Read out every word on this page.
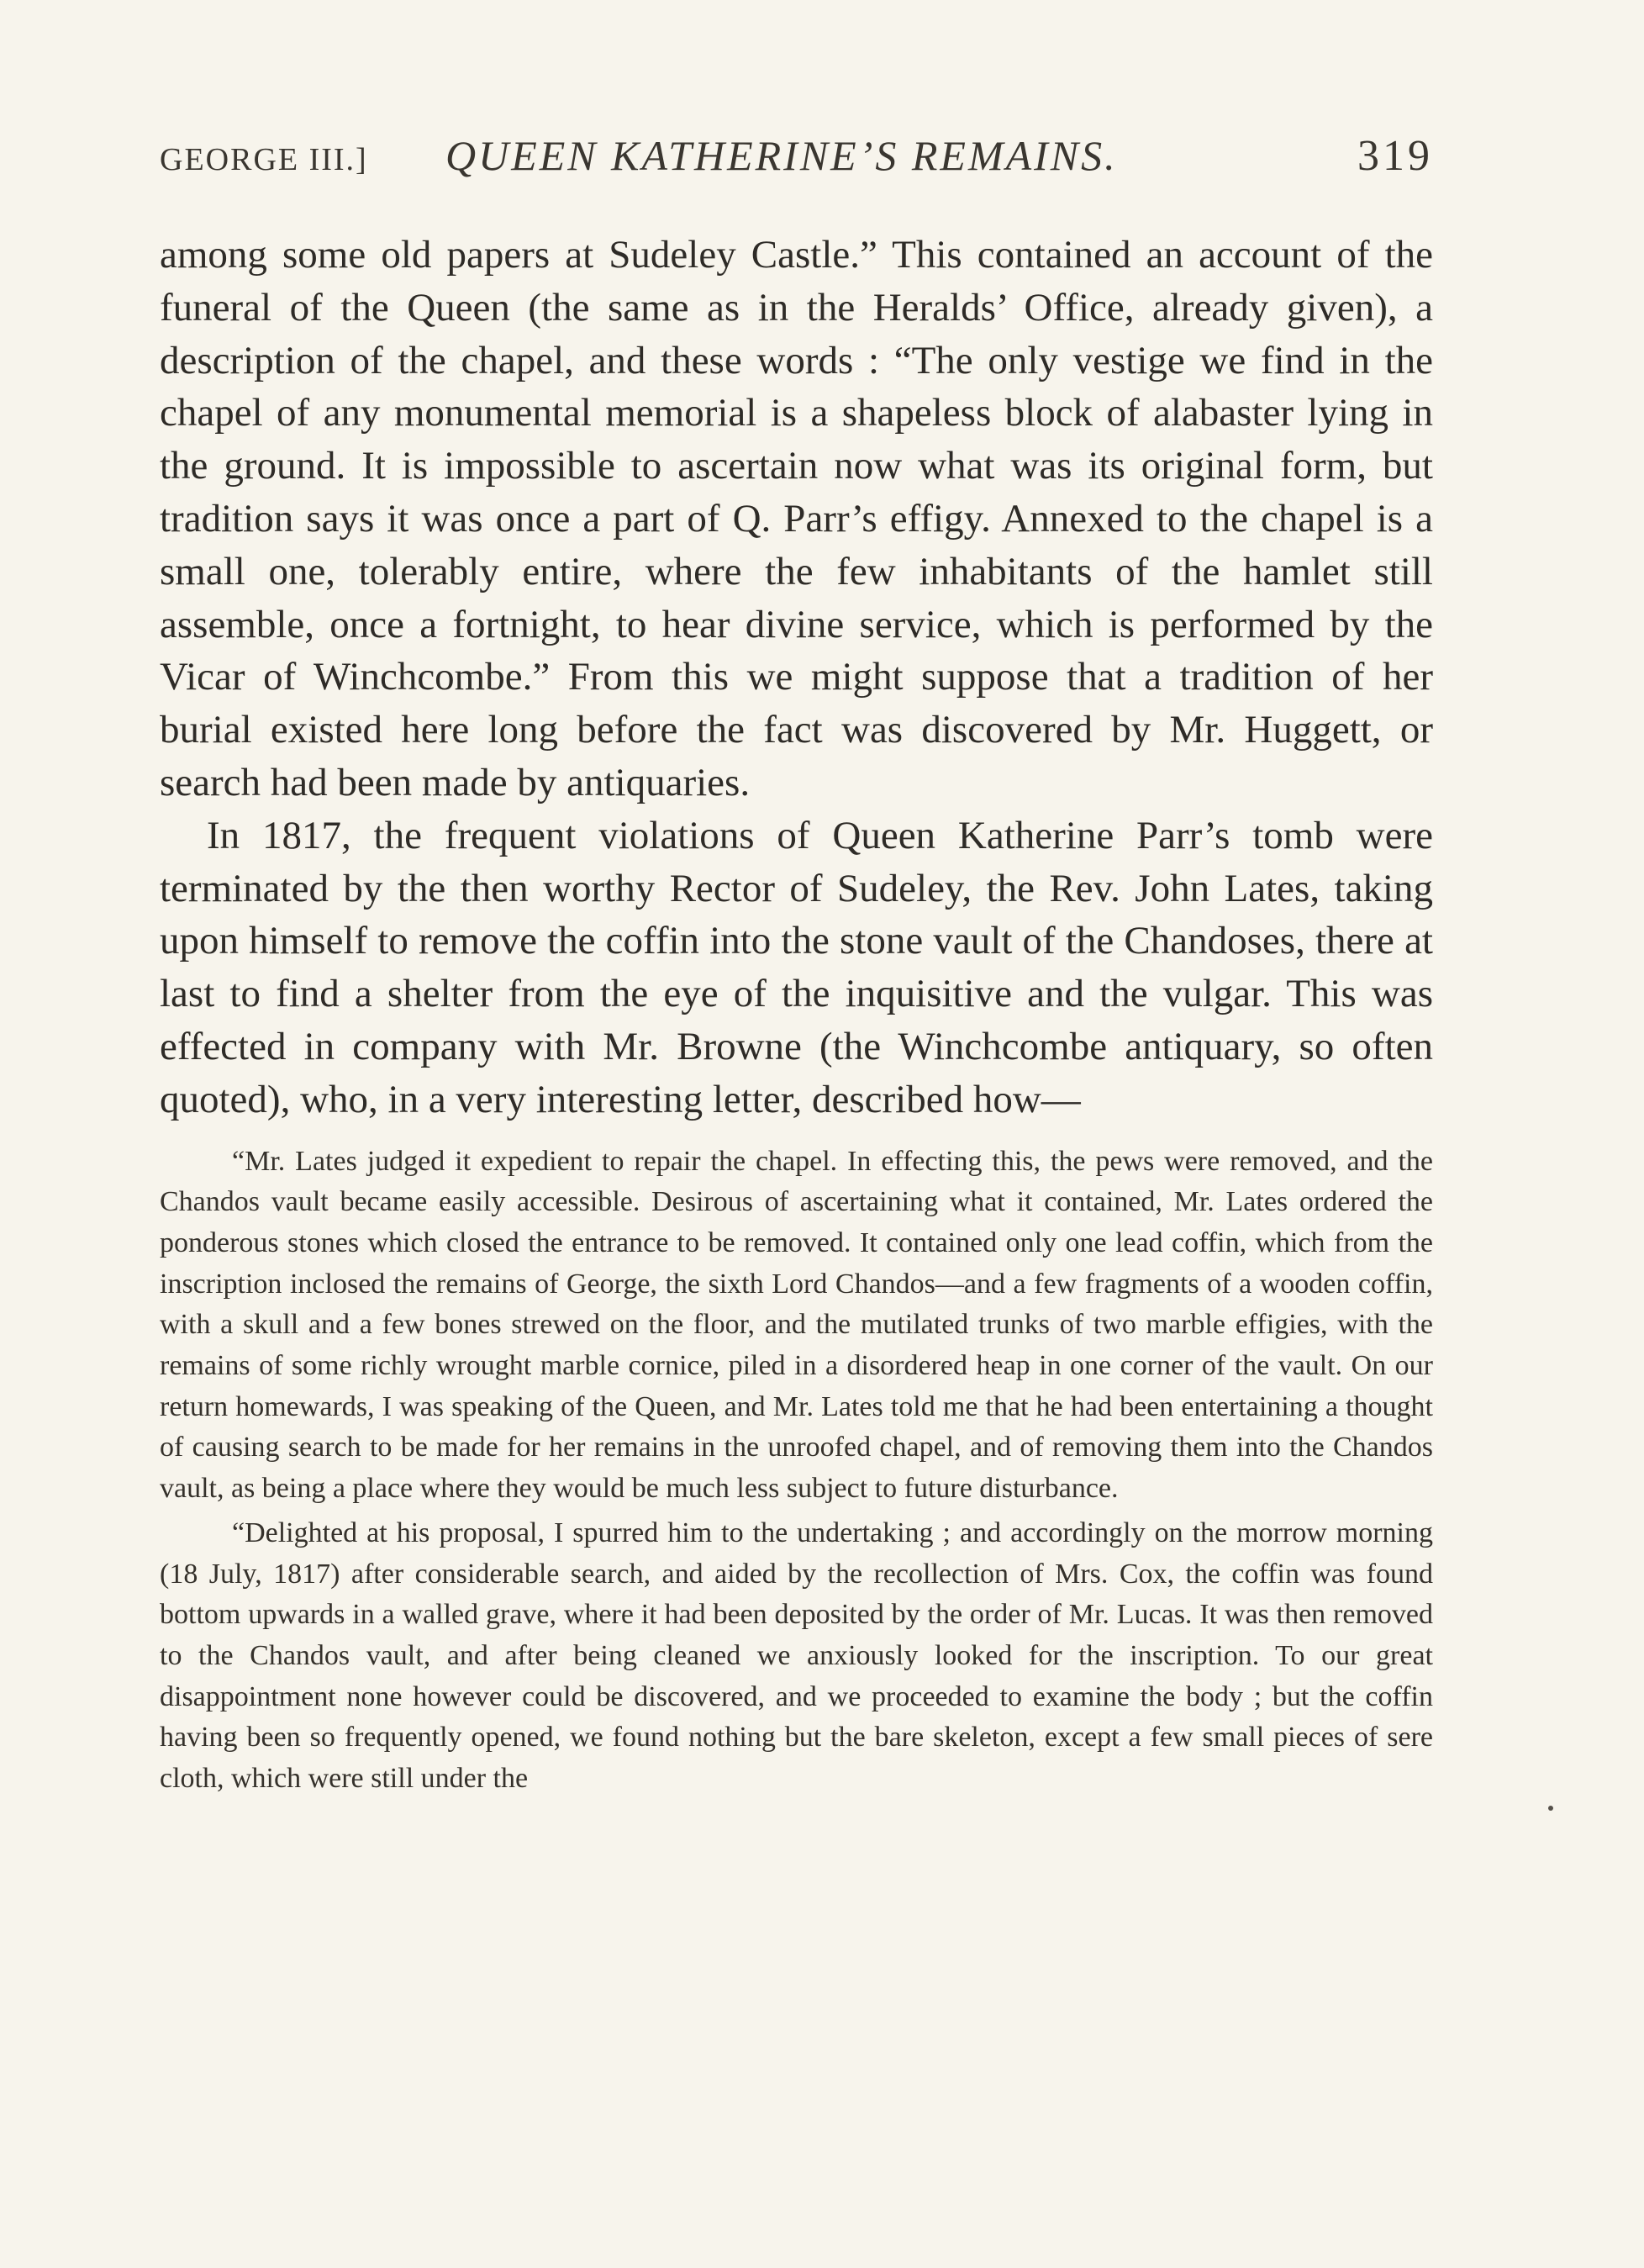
GEORGE III.] QUEEN KATHERINE’S REMAINS.	319

among some old papers at Sudeley Castle.” This contained an account of the funeral of the Queen (the same as in the Heralds’ Office, already given), a description of the chapel, and these words : “The only vestige we find in the chapel of any monumental memorial is a shapeless block of alabaster lying in the ground. It is impossible to ascertain now what was its original form, but tradition says it was once a part of Q. Parr’s effigy. Annexed to the chapel is a small one, tolerably entire, where the few inhabitants of the hamlet still assemble, once a fortnight, to hear divine service, which is performed by the Vicar of Winchcombe.” From this we might suppose that a tradition of her burial existed here long before the fact was discovered by Mr. Huggett, or search had been made by antiquaries.

In 1817, the frequent violations of Queen Katherine Parr’s tomb were terminated by the then worthy Rector of Sudeley, the Rev. John Lates, taking upon himself to remove the coffin into the stone vault of the Chandoses, there at last to find a shelter from the eye of the inquisitive and the vulgar. This was effected in company with Mr. Browne (the Winchcombe antiquary, so often quoted), who, in a very interesting letter, described how—

“Mr. Lates judged it expedient to repair the chapel. In effecting this, the pews were removed, and the Chandos vault became easily accessible. Desirous of ascertaining what it contained, Mr. Lates ordered the ponderous stones which closed the entrance to be removed. It contained only one lead coffin, which from the inscription inclosed the remains of George, the sixth Lord Chandos—and a few fragments of a wooden coffin, with a skull and a few bones strewed on the floor, and the mutilated trunks of two marble effigies, with the remains of some richly wrought marble cornice, piled in a disordered heap in one corner of the vault. On our return homewards, I was speaking of the Queen, and Mr. Lates told me that he had been entertaining a thought of causing search to be made for her remains in the unroofed chapel, and of removing them into the Chandos vault, as being a place where they would be much less subject to future disturbance.

“Delighted at his proposal, I spurred him to the undertaking ; and accordingly on the morrow morning (18 July, 1817) after considerable search, and aided by the recollection of Mrs. Cox, the coffin was found bottom upwards in a walled grave, where it had been deposited by the order of Mr. Lucas. It was then removed to the Chandos vault, and after being cleaned we anxiously looked for the inscription. To our great disappointment none however could be discovered, and we proceeded to examine the body ; but the coffin having been so frequently opened, we found nothing but the bare skeleton, except a few small pieces of sere cloth, which were still under the
